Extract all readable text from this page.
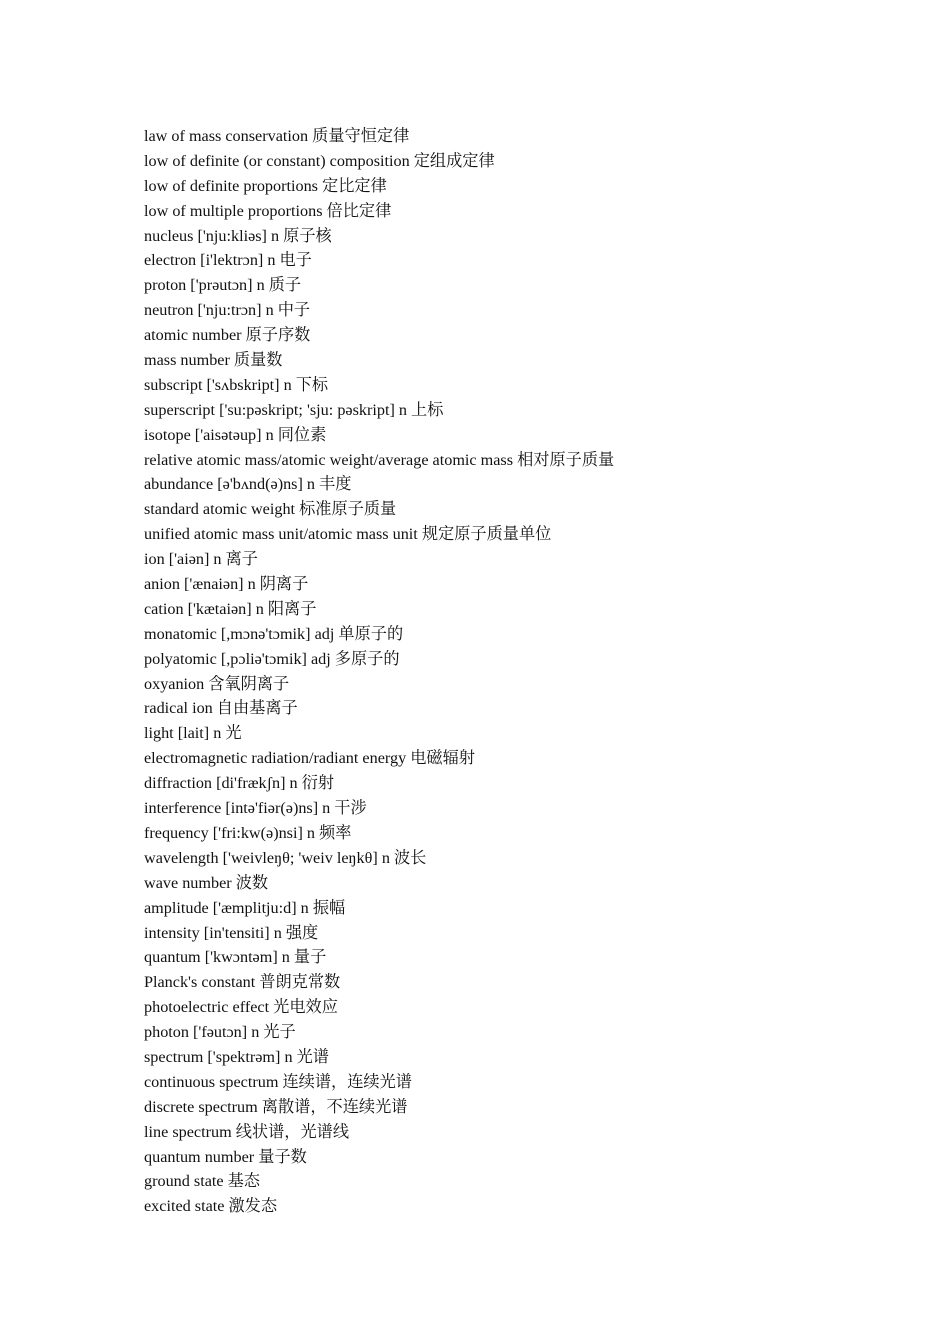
law of mass conservation 质量守恒定律
low of definite (or constant) composition 定组成定律
low of definite proportions 定比定律
low of multiple proportions 倍比定律
nucleus ['nju:kliəs] n 原子核
electron [i'lektrɔn] n 电子
proton ['prəutɔn] n 质子
neutron ['nju:trɔn] n 中子
atomic number 原子序数
mass number 质量数
subscript ['sʌbskript] n 下标
superscript ['su:pəskript; 'sju: pəskript] n 上标
isotope ['aisətəup] n 同位素
relative atomic mass/atomic weight/average atomic mass 相对原子质量
abundance [ə'bʌnd(ə)ns] n 丰度
standard atomic weight 标准原子质量
unified atomic mass unit/atomic mass unit 规定原子质量单位
ion ['aiən] n 离子
anion ['ænaiən] n 阴离子
cation ['kætaiən] n 阳离子
monatomic [,mɔnə'tɔmik] adj 单原子的
polyatomic [,pɔliə'tɔmik] adj 多原子的
oxyanion 含氧阴离子
radical ion 自由基离子
light [lait] n 光
electromagnetic radiation/radiant energy 电磁辐射
diffraction [di'frækʃn] n 衍射
interference [intə'fiər(ə)ns] n 干涉
frequency ['fri:kw(ə)nsi] n 频率
wavelength ['weivleŋθ; 'weiv leŋkθ] n 波长
wave number 波数
amplitude ['æmplitju:d] n 振幅
intensity [in'tensiti] n 强度
quantum ['kwɔntəm] n 量子
Planck's constant 普朗克常数
photoelectric effect 光电效应
photon ['fəutɔn] n 光子
spectrum ['spektrəm] n 光谱
continuous spectrum 连续谱，连续光谱
discrete spectrum 离散谱，不连续光谱
line spectrum 线状谱，光谱线
quantum number 量子数
ground state 基态
excited state 激发态
